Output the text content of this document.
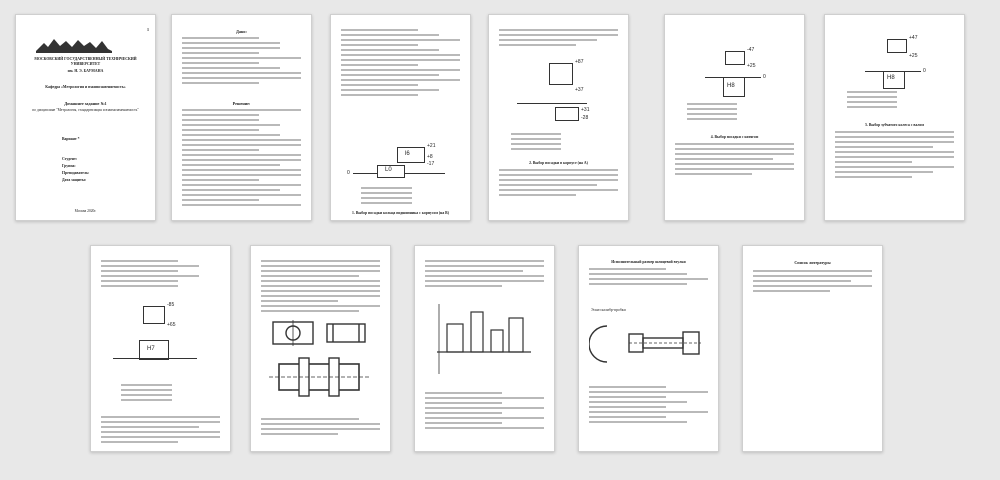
1
МОСКОВСКИЙ ГОСУДАРСТВЕННЫЙ ТЕХНИЧЕСКИЙ УНИВЕРСИТЕТ
им. Н. Э. БАУМАНА
Кафедра «Метрология и взаимозаменяемость»
Домашнее задание №1
по дисциплине "Метрология, стандартизация и взаимозаменяемость"
Вариант *
Студент:
Группа:
Преподаватель:
Дата защиты:
Москва 2020г.
Дано:
Решение:
+21
-17
+8
0	L0
l6
1. Выбор посадки кольца подшипника с корпусом (на В)
+87
+37
-28
+31
2. Выбор посадки в корпусе (на А)
-47
+25
0
H8
4. Выбор посадки с натягом
+47
+25
0
H8
5. Выбор зубчатого колеса с валом
-85
+65
H7
Исполнительный размер шлицевой втулки
Эскиз калибр-пробки
Список литературы
